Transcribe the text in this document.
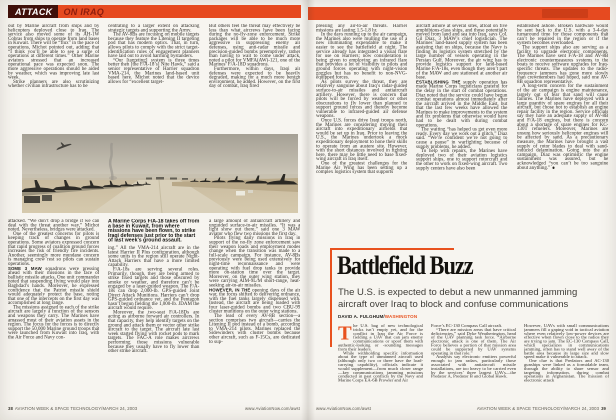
ATTACK	ON IRAQ

out by Marine aircraft from ships and by helicopters deployed close to Iraq. The service also moved some of its AH-1W Cobras from ships to operate from land bases in Kuwait. There will be “flux” in the pace of operations, Michot pointed out, adding that “I think you’ll be able to see a surge of operations at different times.” Other Marine aviators stressed that an increased operational pace was expected soon. The more aggressive operations should be aided by weather, which was improving late last week.

Strike planners are also scrutinizing whether civilian infrastructure has to be

centrating to a larger extent on attacking strategic targets and supporting the Army.

The AV-8Bs are focusing on mobile targets because they feature the Litening II targeting pod that has modern optics. That, in turn, allows pilots to comply with the strict target-identification rules of engagement planners have laid out to avoid harming bystanders.

“Our [targeting] system is three times better then [the F/A-18’s] Nite Hawk,” said a senior representative of Harrier squadron VMA-214, the Marines land-based unit based here. Michot noted that the device allows for “excellent target-

But others feel the threat may effectively be less than what aircrews have been facing during the no-fly-zone enforcement. Strike packages will be able to be much more aggressive in suppressing enemy air defenses, using anti-radar missile and precision-guided bombs preemptively, rather than having to wait to come under attack, noted a pilot for VMFA(AW)-121, one of the Marines’ F/A-18D squadrons.

Furthermore, within days, Iraqi air defenses were expected to be heavily degraded, making for a much more benign environment, he added. However, on the first day of combat, Iraq fired

attacked. “We don’t drop a bridge if we can deal with the threat another way,” Michot noted. Nevertheless, bridges were attacked.

One of the greatest concerns for pilots is keeping track of changes in ground operations. Some aviators expressed concern that rapid progress of coalition ground forces increases the risk of friendly fire incidents. Another, seemingly more mundane concern is managing crew rest so pilots can sustain operations.

SOME 3 MAW squadrons were pressing ahead with their missions in the face of ballistic missile attacks. One unit commander noted that suspending flying would play into Baghdad’s hands. Moreover, he expressed confidence that the Patriot missile shield would adequately protect the base, noting that one of the intercepts on the first day was accomplished at long range.

The missions assigned to each of the strike aircraft are largely a function of the sensors and weapons they carry. The Marines have amassed most of their aviation assets in the region. The focus for the forces is to directly support the 50,000 Marine ground troops that were launched from Kuwait into Iraq, with the Air Force and Navy con-

A Marine Corps F/A-18 takes off from a base in Kuwait, from where missions have been flown, to strike Iraqi defenses just prior to the start of last week’s ground assault.

ing.” All the VMA-214 aircraft are in the latest Harrier II Plus configuration, although some units in the region still operate Night-Attack Harriers that have a more limited capability.

F/A-18s are serving several roles. Primarily, though, they are being armed to strike fixed targets and those obscured by smoke or weather, and therefore can’t be engaged by a laser-guided weapon. The F/A-18s can drop 2,000-lb. GPS-guided Joint Direct Attack Munitions. Harriers can’t drop GPS-guided ordnance yet, and the Pentagon hasn’t begun fielding the 1,000-lb. JDAM the aircraft would require.

Moreover, the two-seat F/A-18Ds are acting as airborne forward air controllers. In that capacity, they help identify targets on the ground and attack them or vector other strike aircraft to the target. The aircraft late last week started flying with rocket pods to mark targets. The FAC-A role makes aircrews performing those missions vulnerable because they usually have to fly lower than other strike aircraft.

a large amount of antiaircraft artillery and unguided surface-to-air missiles. “It was a light show out there,” said one 3 MAW aviator who flew two missions the first day.

Pilots flying daily missions in Iraq in support of the no-fly zone enforcement saw their weapon loads and employment modes change when the transition was made to a full-scale campaign. For instance, AV-8Bs previously were being used extensively for night-time reconnaissance and were operating with fuel drop tanks to provide more on-station time over the target. Moreover, on the outer wing station, they were carrying AIM-9L/M short-range, heat-seeking air-to-air missiles.

HOWEVER, IN THE opening days of the air war, the focus shifted to delivering ordnance, with the fuel tanks largely dispensed with. Instead, the aircraft are being loaded with four laser-guided bombs and two CBU-99 cluster munitions on the outer wing stations.

The lead of every AV-8B section—a section comprises two aircraft—carries the Litening II pod instead of a bomb, according to VMA-214 pilots. Marines replaced the Sidewinders with cluster bombs because other aircraft, such as F-15Cs, are dedicated to sup-

38 AVIATION WEEK & SPACE TECHNOLOGY/MARCH 24, 2003	www.AviationNow.com/awst

pressing any air-to-air threats. Harrier missions are lasting 1.5-1.8 hr.

In the days running up to the air campaign, the Marines also were mulling the use of a new illuminating expendable to make it easier to see the battlefield at night. The service already has integrated a visual flare for use on Harriers; now consideration is being given to employing an infrared flare that provides a lot of visibility to pilots and ground forces operating with night-vision goggles but has no benefit to non-NVG-equipped forces.

As pilots survey the threat, they are relatively sanguine about Iraq’s radar-guided surface-to-air missiles and antiaircraft artillery. However, there is concern that pilots will be forced by weather or other obscurations to fly lower than planned to support ground forces and thereby become vulnerable to infrared-guided air defense weapons.

Once U.S. forces drive Iraqi troops north, the Marines are considering moving their aircraft into expeditionary airfields that would be set up in Iraq. Prior to leaving the U.S., the Marines undertook a mock expeditionary deployment to hone their skills to operate from an austere site. However, with the short distances involved in fighting here, there may be little need to base fixed-wing aircraft in Iraq itself.

One of the greatest challenges for the Marine Air Wing has been setting up a complex logistics system that supports

aircraft ashore at several sites, afloat on five amphibious-class ships, and those potentially moved from land and sea into Iraq, says Col. Gil Diaz, 3 MAW’s chief logistician. The Marines’ land-based supply system has been assisting that on ships, because the Navy is finding its logistics system stretched by the large number of vessels operating in the Persian Gulf. Moreover, the air wing has to provide logistics support for land-based Marine F/A-18s, even though they aren’t part of the MAW and are stationed at another air base.

ESTABLISHING THE supply operation has made Marine Corps logisticians grateful for the delay in the start of combat operations. Diaz noted that the service could have begun combat operations almost immediately after the aircraft arrived in the Middle East, but that the last few weeks have allowed the Marines to make improvements to the system and fix problems that otherwise would have had to be dealt with during combat operations.

The waiting “has helped us get even more ready. Every day we work out a glitch,” Diaz said. “We’re confident we’re not going to cause a pause” in warfighting because of supply problems, he added.

To help with repairs, the Marines have deployed two of their aviation logistics support ships, one to support rotorcraft and the other to work on fixed-wing aircraft. Two supply centers have also been

established ashore. Broken hardware would be sent back to the U.S. with a 3-4-day turnaround time for those components that can’t be repaired in the region or if the system becomes overloaded.

The support ships also are serving as a facility to upgrade electronic components. The Marines have sent F/A-18 and AV-8B electronic countermeasures systems to the boats to receive software upgrades for Iraq-specific threats. The updates to the radio-frequency jammers has gone more slowly than crewmembers had hoped, said one AV-8B squadron representative.

A long-term concern for the sustainment of the air campaign is engine maintenance, largely out of fear that sand will cause failures. The Marines have deployed with a large quantity of spare engines for all their aircraft, but chose not to establish an engine repair facility in the region. Service officials say they have an adequate supply of AV-8B and F/A-18 engines, but there is concern about a shortage of spare engines for KC-130T refuelers. Moreover, Marines are unsure how seriously helicopter engines will be affected by sand. As a precautionary measure, the Marines have brought a vast supply of rotor blades to deal with sand-induced delamination. Going into the air campaign, Diaz was optimistic the engine sustainment was assured, but he acknowledged “you can’t be too sanguine about anything.”

Battlefield Buzz
The U.S. is expected to debut a new unmanned jamming aircraft over Iraq to block and confuse communications
DAVID A. FULGHUM/WASHINGTON

The U.S. bag of new technological tricks isn’t empty yet, and for the conflict in Iraq the Air Force is fielding a UAV that can jam enemy communications or spoof them with authentic-looking or -sounding messages from their leaders.

While withholding specific information about the type of unmanned aircraft used (although only two or three have the load-carrying capability), officials indicate it would supplement—from much closer range—key communications jamming missions conducted in past conflicts by the Navy and Marine Corps EA-6B Prowler and Air

Force’s EC-130 Compass Call aircraft.

“There are mission areas that have critical deficiencies,” said Dyke Weatherington, head of the UAV planning task force. “Airborne electronic attack is one of them. The Air Force believes a portion of that mission area could be supported by UAV systems operating in that role.”

Analysts say electronic emitters powerful enough to jam radars, particularly those associated with antiaircraft missile installations, are too heavy to be carried even by the services’ three largest UAVs—the Predator A, Predator B and Global Hawk.

However, UAVs with small communications jammers fill a gaping void in tactical aviation where even relatively low-power devices are effective when flown close to the radios they are trying to jam. The EC-130 Compass Call, which specializes in communications jamming, often has to stand well away of the battle area because its large size and slow speed make it vulnerable to attack.

One clue is that Predators and AC-130 gunships were linked as a formidable team, through the ability to share sensor and targeting information, during combat operations in Afghanistan. The mission of electronic attack

www.AviationNow.com/awst	AVIATION WEEK & SPACE TECHNOLOGY/MARCH 24, 2003 39
